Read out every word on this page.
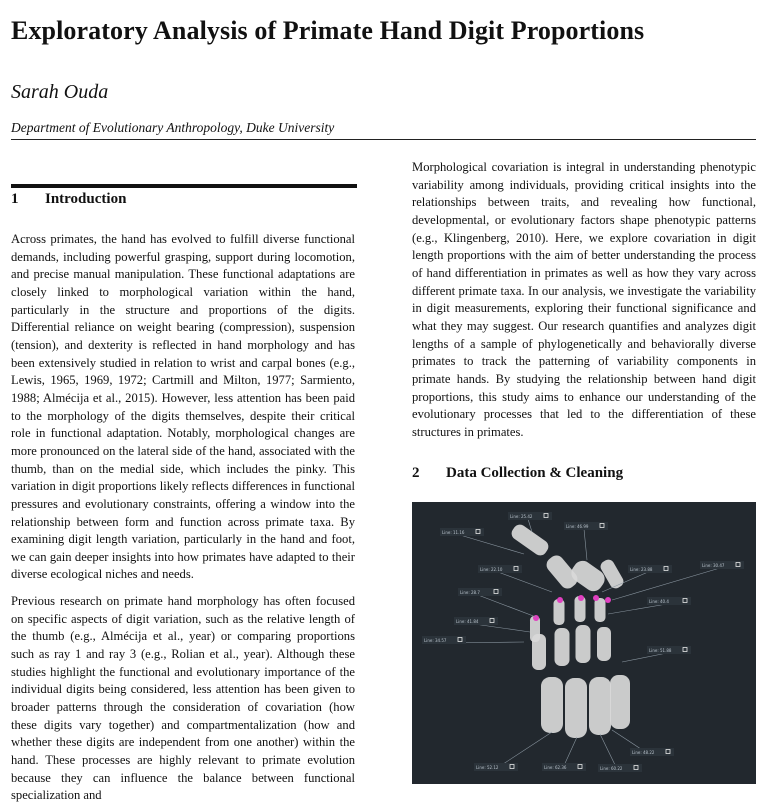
Exploratory Analysis of Primate Hand Digit Proportions
Sarah Ouda
Department of Evolutionary Anthropology, Duke University
1 Introduction

Across primates, the hand has evolved to fulfill diverse functional demands, including powerful grasping, support during locomotion, and precise manual manipulation. These functional adaptations are closely linked to morphological variation within the hand, particularly in the structure and proportions of the digits. Differential reliance on weight bearing (compression), suspension (tension), and dexterity is reflected in hand morphology and has been extensively studied in relation to wrist and carpal bones (e.g., Lewis, 1965, 1969, 1972; Cartmill and Milton, 1977; Sarmiento, 1988; Almécija et al., 2015). However, less attention has been paid to the morphology of the digits themselves, despite their critical role in functional adaptation. Notably, morphological changes are more pronounced on the lateral side of the hand, associated with the thumb, than on the medial side, which includes the pinky. This variation in digit proportions likely reflects differences in functional pressures and evolutionary constraints, offering a window into the relationship between form and function across primate taxa. By examining digit length variation, particularly in the hand and foot, we can gain deeper insights into how primates have adapted to their diverse ecological niches and needs.

Previous research on primate hand morphology has often focused on specific aspects of digit variation, such as the relative length of the thumb (e.g., Almécija et al., year) or comparing proportions such as ray 1 and ray 3 (e.g., Rolian et al., year). Although these studies highlight the functional and evolutionary importance of the individual digits being considered, less attention has been given to broader patterns through the consideration of covariation (how these digits vary together) and compartmentalization (how and whether these digits are independent from one another) within the hand. These processes are highly relevant to primate evolution because they can influence the balance between functional specialization and

Morphological covariation is integral in understanding phenotypic variability among individuals, providing critical insights into the relationships between traits, and revealing how functional, developmental, or evolutionary factors shape phenotypic patterns (e.g., Klingenberg, 2010). Here, we explore covariation in digit length proportions with the aim of better understanding the process of hand differentiation in primates as well as how they vary across different primate taxa. In our analysis, we investigate the variability in digit measurements, exploring their functional significance and what they may suggest. Our research quantifies and analyzes digit lengths of a sample of phylogenetically and behaviorally diverse primates to track the patterning of variability components in primate hands. By studying the relationship between hand digit proportions, this study aims to enhance our understanding of the evolutionary processes that led to the differentiation of these structures in primates.

2 Data Collection & Cleaning
Line: 25.42
Line: 46.99
Line: 11.16
Line: 22.10	Line: 23.88
Line: 30.47
Line: 28.7
Line: 40.4
Line: 41.84
Line: 34.57
Line: 51.88
Line: 48.22
Line: 52.12	Line: 62.36	Line: 60.22
